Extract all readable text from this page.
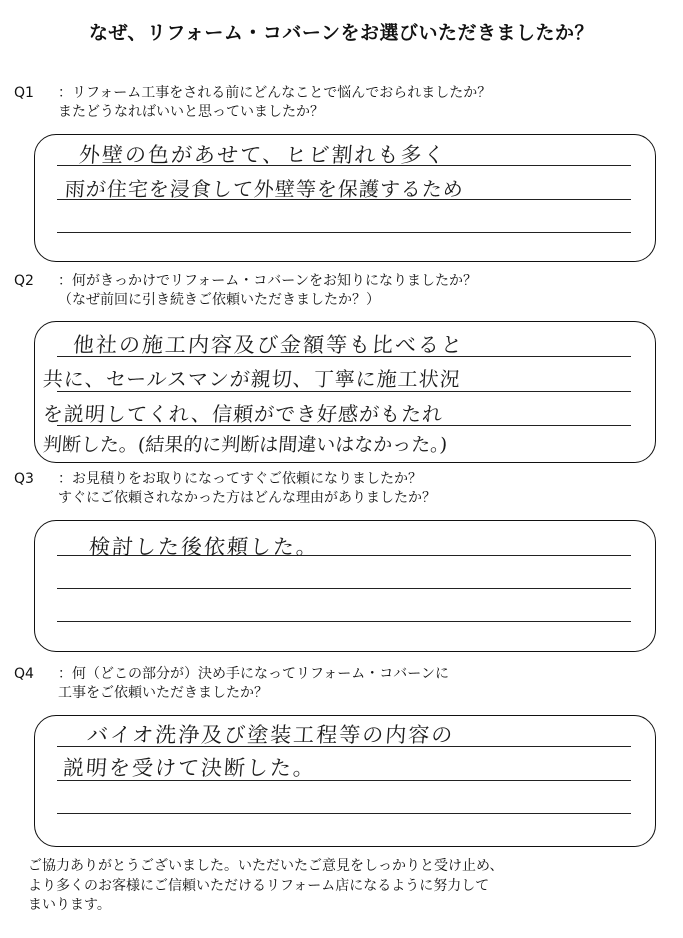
なぜ、リフォーム・コバーンをお選びいただきましたか？
Q1 ：リフォーム工事をされる前にどんなことで悩んでおられましたか？
またどうなればいいと思っていましたか？
外壁の色があせて、ヒビ割れも多く
雨が住宅を浸食して外壁等を保護するため
Q2 ：何がきっかけでリフォーム・コバーンをお知りになりましたか？
（なぜ前回に引き続きご依頼いただきましたか？）
他社の施工内容及び金額等も比べると
共に、セールスマンが親切、丁寧に施工状況
を説明してくれ、信頼ができ好感がもたれ
判断した。(結果的に判断は間違いはなかった。)
Q3 ：お見積りをお取りになってすぐご依頼になりましたか？
すぐにご依頼されなかった方はどんな理由がありましたか？
検討した後依頼した。
Q4 ：何（どこの部分が）決め手になってリフォーム・コバーンに
工事をご依頼いただきましたか？
バイオ洗浄及び塗装工程等の内容の
説明を受けて決断した。
ご協力ありがとうございました。いただいたご意見をしっかりと受け止め、
より多くのお客様にご信頼いただけるリフォーム店になるように努力して
まいります。
